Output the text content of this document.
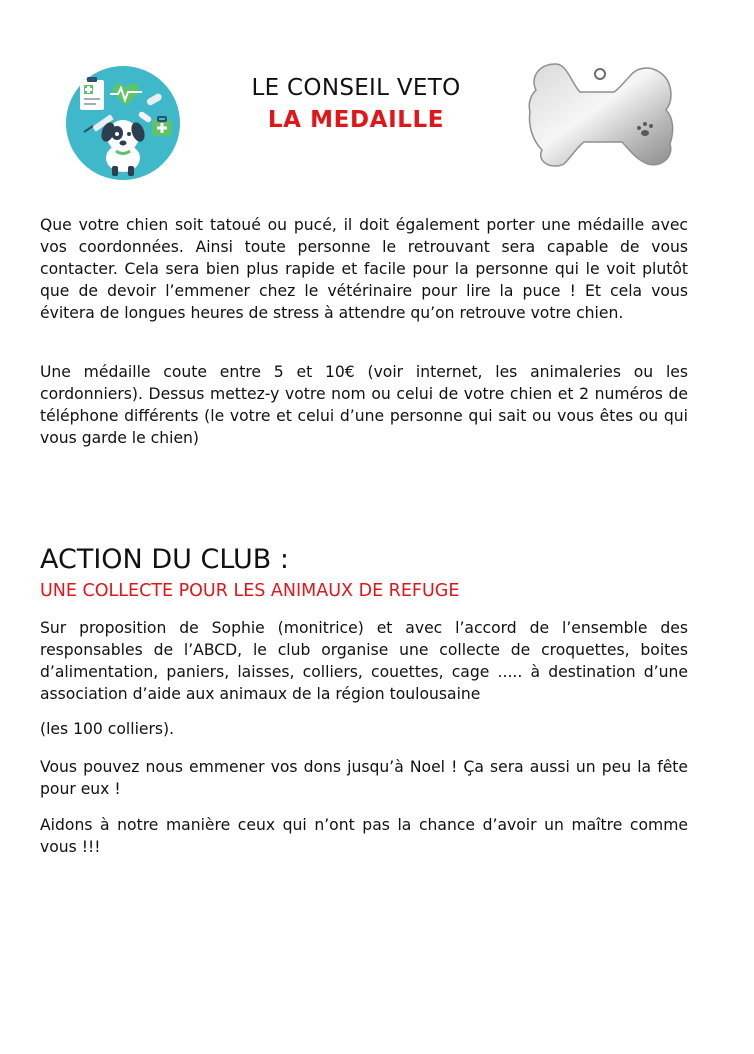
LE CONSEIL VETO
LA MEDAILLE

Que votre chien soit tatoué ou pucé, il doit également porter une médaille avec vos coordonnées. Ainsi toute personne le retrouvant sera capable de vous contacter. Cela sera bien plus rapide et facile pour la personne qui le voit plutôt que de devoir l’emmener chez le vétérinaire pour lire la puce ! Et cela vous évitera de longues heures de stress à attendre qu’on retrouve votre chien.

Une médaille coute entre 5 et 10€ (voir internet, les animaleries ou les cordonniers). Dessus mettez-y votre nom ou celui de votre chien et 2 numéros de téléphone différents (le votre et celui d’une personne qui sait ou vous êtes ou qui vous garde le chien)

ACTION DU CLUB :
UNE COLLECTE POUR LES ANIMAUX DE REFUGE

Sur proposition de Sophie (monitrice) et avec l’accord de l’ensemble des responsables de l’ABCD, le club organise une collecte de croquettes, boites d’alimentation, paniers, laisses, colliers, couettes, cage ..... à destination d’une association d’aide aux animaux de la région toulousaine

(les 100 colliers).

Vous pouvez nous emmener vos dons jusqu’à Noel ! Ça sera aussi un peu la fête pour eux !

Aidons à notre manière ceux qui n’ont pas la chance d’avoir un maître comme vous !!!
